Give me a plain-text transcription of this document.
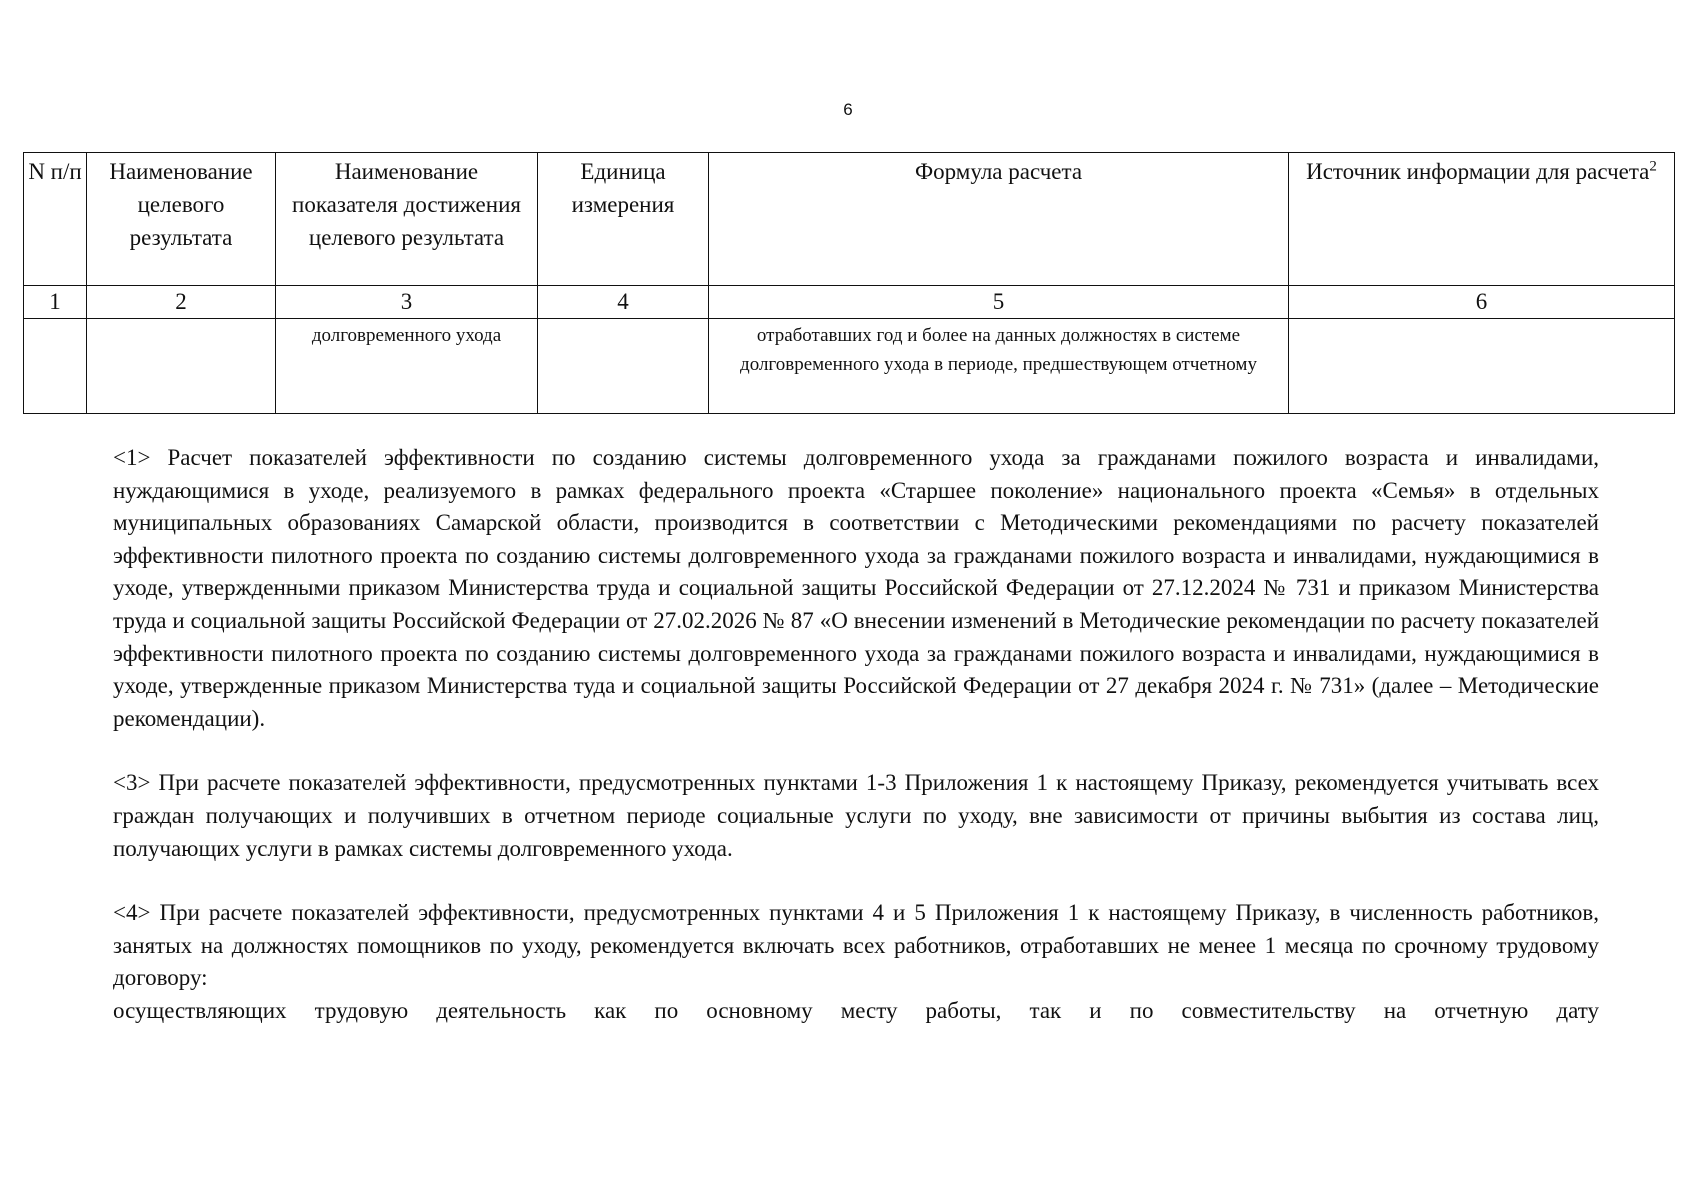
6
N п/п	Наименование целевого результата	Наименование показателя достижения целевого результата	Единица измерения	Формула расчета	Источник информации для расчета$^2$
1	2	3	4	5	6
		долговременного ухода		отработавших год и более на данных должностях в системе долговременного ухода в периоде, предшествующем отчетному	

<1> Расчет показателей эффективности по созданию системы долговременного ухода за гражданами пожилого возраста и инвалидами, нуждающимися в уходе, реализуемого в рамках федерального проекта «Старшее поколение» национального проекта «Семья» в отдельных муниципальных образованиях Самарской области, производится в соответствии с Методическими рекомендациями по расчету показателей эффективности пилотного проекта по созданию системы долговременного ухода за гражданами пожилого возраста и инвалидами, нуждающимися в уходе, утвержденными приказом Министерства труда и социальной защиты Российской Федерации от 27.12.2024 № 731 и приказом Министерства труда и социальной защиты Российской Федерации от 27.02.2026 № 87 «О внесении изменений в Методические рекомендации по расчету показателей эффективности пилотного проекта по созданию системы долговременного ухода за гражданами пожилого возраста и инвалидами, нуждающимися в уходе, утвержденные приказом Министерства туда и социальной защиты Российской Федерации от 27 декабря 2024 г. № 731» (далее – Методические рекомендации).

<3> При расчете показателей эффективности, предусмотренных пунктами 1-3 Приложения 1 к настоящему Приказу, рекомендуется учитывать всех граждан получающих и получивших в отчетном периоде социальные услуги по уходу, вне зависимости от причины выбытия из состава лиц, получающих услуги в рамках системы долговременного ухода.

<4> При расчете показателей эффективности, предусмотренных пунктами 4 и 5 Приложения 1 к настоящему Приказу, в численность работников, занятых на должностях помощников по уходу, рекомендуется включать всех работников, отработавших не менее 1 месяца по срочному трудовому договору:

осуществляющих трудовую деятельность как по основному месту работы, так и по совместительству на отчетную дату
